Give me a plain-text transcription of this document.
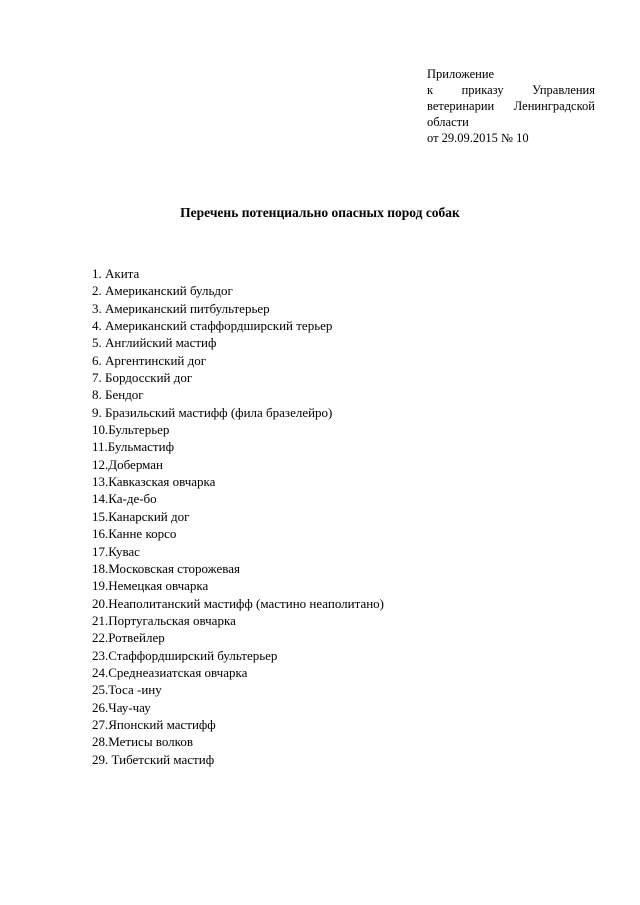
Приложение
к приказу Управления
ветеринарии Ленинградской
области
от 29.09.2015 № 10
Перечень потенциально опасных пород собак
1. Акита
2. Американский бульдог
3. Американский питбультерьер
4. Американский стаффордширский терьер
5. Английский мастиф
6. Аргентинский дог
7. Бордосский дог
8. Бендог
9. Бразильский мастифф (фила бразелейро)
10.Бультерьер
11.Бульмастиф
12.Доберман
13.Кавказская овчарка
14.Ка-де-бо
15.Канарский дог
16.Канне корсо
17.Кувас
18.Московская сторожевая
19.Немецкая овчарка
20.Неаполитанский мастифф (мастино неаполитано)
21.Португальская овчарка
22.Ротвейлер
23.Стаффордширский бультерьер
24.Среднеазиатская овчарка
25.Тоса -ину
26.Чау-чау
27.Японский мастифф
28.Метисы волков
29. Тибетский мастиф
